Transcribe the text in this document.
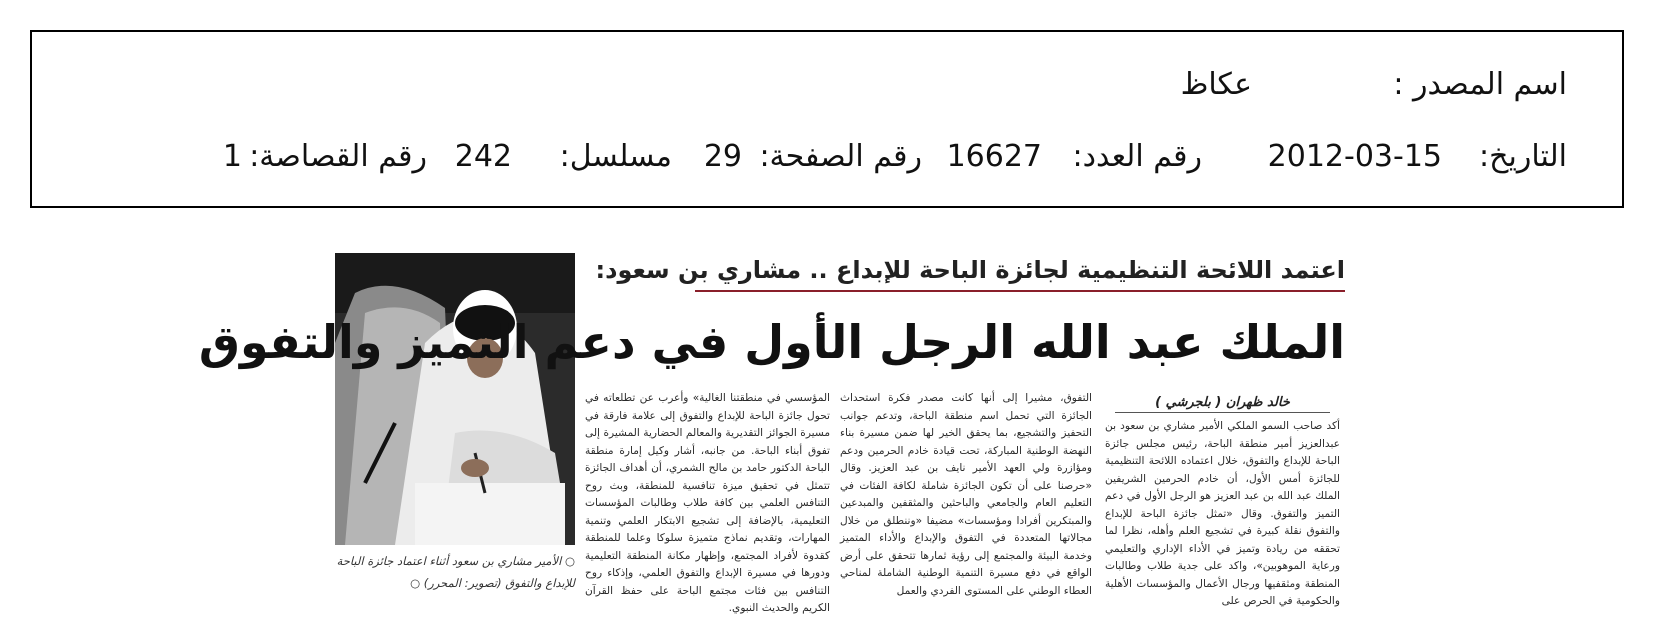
اسم المصدر :
عكاظ
التاريخ:
2012-03-15
رقم العدد:
16627
رقم الصفحة:
29
مسلسل:
242
رقم القصاصة:
1
○ الأمير مشاري بن سعود أثناء اعتماد جائزة الباحة للإبداع والتفوق (تصوير: المحرر) ○
اعتمد اللائحة التنظيمية لجائزة الباحة للإبداع .. مشاري بن سعود:
الملك عبد الله الرجل الأول في دعم التميز والتفوق
خالد ظهران ( بلجرشي )
أكد صاحب السمو الملكي الأمير مشاري بن سعود بن عبدالعزيز أمير منطقة الباحة، رئيس مجلس جائزة الباحة للإبداع والتفوق، خلال اعتماده اللائحة التنظيمية للجائزة أمس الأول، أن خادم الحرمين الشريفين الملك عبد الله بن عبد العزيز هو الرجل الأول في دعم التميز والتفوق. وقال «تمثل جائزة الباحة للإبداع والتفوق نقلة كبيرة في تشجيع العلم وأهله، نظرا لما تحققه من ريادة وتميز في الأداء الإداري والتعليمي ورعاية الموهوبين»، واكد على جدية طلاب وطالبات المنطقة ومثقفيها ورجال الأعمال والمؤسسات الأهلية والحكومية في الحرص على
التفوق، مشيرا إلى أنها كانت مصدر فكرة استحداث الجائزة التي تحمل اسم منطقة الباحة، وتدعم جوانب التحفيز والتشجيع، بما يحقق الخير لها ضمن مسيرة بناء النهضة الوطنية المباركة، تحت قيادة خادم الحرمين ودعم ومؤازرة ولي العهد الأمير نايف بن عبد العزيز. وقال «حرصنا على أن تكون الجائزة شاملة لكافة الفئات في التعليم العام والجامعي والباحثين والمثقفين والمبدعين والمبتكرين أفرادا ومؤسسات» مضيفا «وننطلق من خلال مجالاتها المتعددة في التفوق والإبداع والأداء المتميز وخدمة البيئة والمجتمع إلى رؤية ثمارها تتحقق على أرض الواقع في دفع مسيرة التنمية الوطنية الشاملة لمناحي العطاء الوطني على المستوى الفردي والعمل
المؤسسي في منطقتنا الغالية» وأعرب عن تطلعاته في تحول جائزة الباحة للإبداع والتفوق إلى علامة فارقة في مسيرة الجوائز التقديرية والمعالم الحضارية المشيرة إلى تفوق أبناء الباحة. من جانبه، أشار وكيل إمارة منطقة الباحة الدكتور حامد بن مالح الشمري، أن أهداف الجائزة تتمثل في تحقيق ميزة تنافسية للمنطقة، وبث روح التنافس العلمي بين كافة طلاب وطالبات المؤسسات التعليمية، بالإضافة إلى تشجيع الابتكار العلمي وتنمية المهارات، وتقديم نماذج متميزة سلوكا وعلما للمنطقة كقدوة لأفراد المجتمع، وإظهار مكانة المنطقة التعليمية ودورها في مسيرة الإبداع والتفوق العلمي، وإذكاء روح التنافس بين فئات مجتمع الباحة على حفظ القرآن الكريم والحديث النبوي.
